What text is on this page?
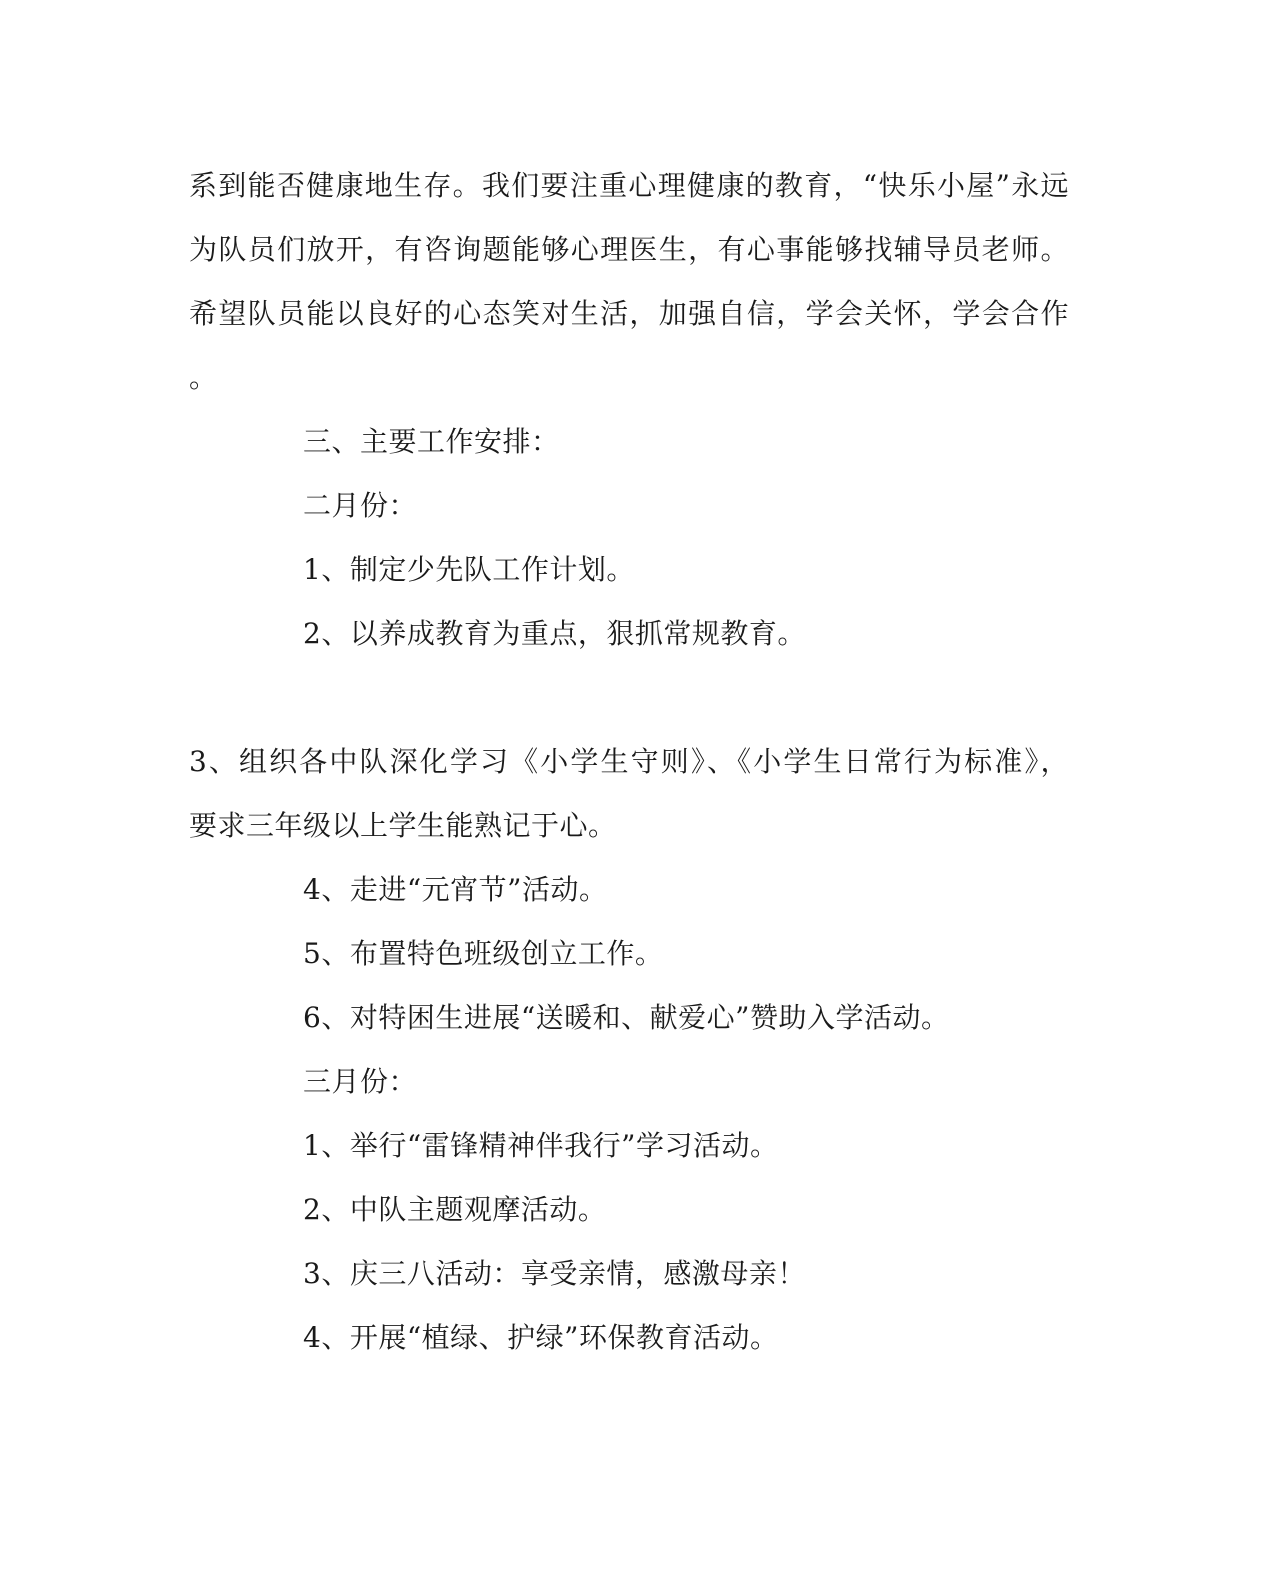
系到能否健康地生存。我们要注重心理健康的教育，“快乐小屋”永远
为队员们放开，有咨询题能够心理医生，有心事能够找辅导员老师。
希望队员能以良好的心态笑对生活，加强自信，学会关怀，学会合作
。
三、主要工作安排：
二月份：
1、制定少先队工作计划。
2、以养成教育为重点，狠抓常规教育。
3、组织各中队深化学习《小学生守则》、《小学生日常行为标准》，
要求三年级以上学生能熟记于心。
4、走进“元宵节”活动。
5、布置特色班级创立工作。
6、对特困生进展“送暖和、献爱心”赞助入学活动。
三月份：
1、举行“雷锋精神伴我行”学习活动。
2、中队主题观摩活动。
3、庆三八活动：享受亲情，感激母亲！
4、开展“植绿、护绿”环保教育活动。
